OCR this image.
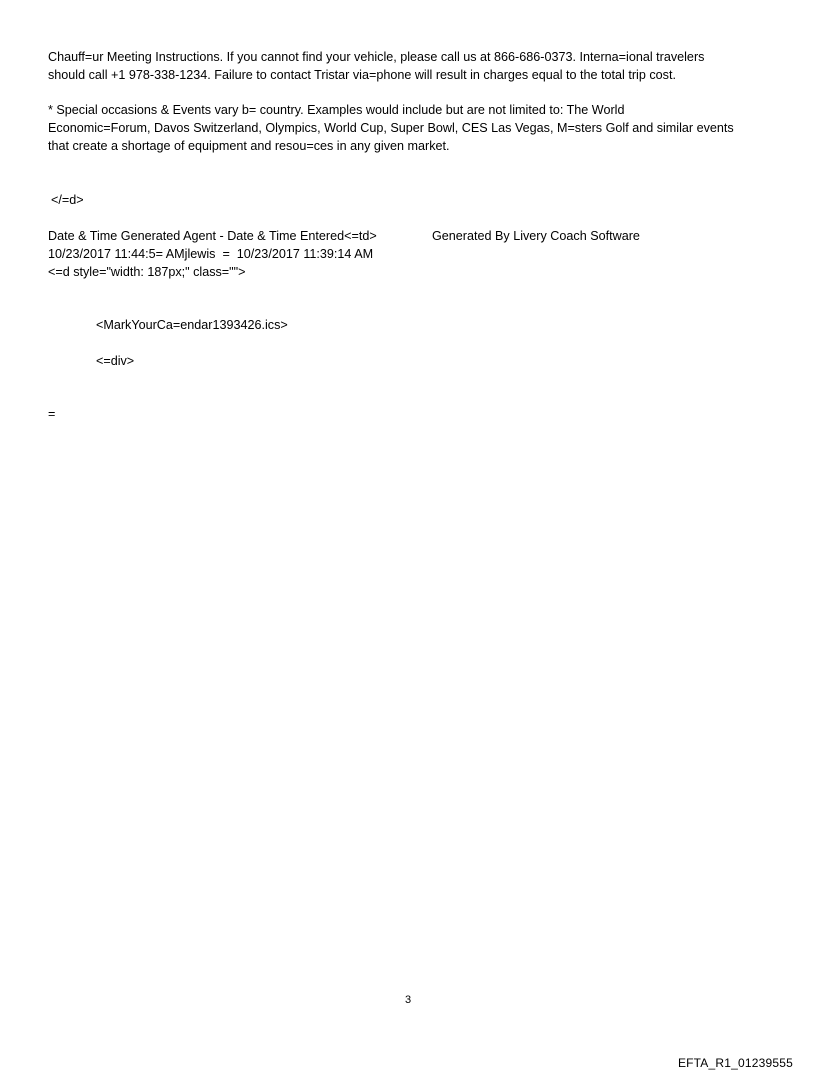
Chauff=ur Meeting Instructions. If you cannot find your vehicle, please call us at 866-686-0373. Interna=ional travelers
should call +1 978-338-1234. Failure to contact Tristar via=phone will result in charges equal to the total trip cost.
* Special occasions & Events vary b= country. Examples would include but are not limited to: The World
Economic=Forum, Davos Switzerland, Olympics, World Cup, Super Bowl, CES Las Vegas, M=sters Golf and similar events
that create a shortage of equipment and resou=ces in any given market.

</=d>

Date & Time Generated Agent - Date & Time Entered<=td>
10/23/2017 11:44:5= AMjlewis  =  10/23/2017 11:39:14 AM
<=d style="width: 187px;" class="">

Generated By Livery Coach Software

<MarkYourCa=endar1393426.ics>

<=div>

=

3
EFTA_R1_01239555
